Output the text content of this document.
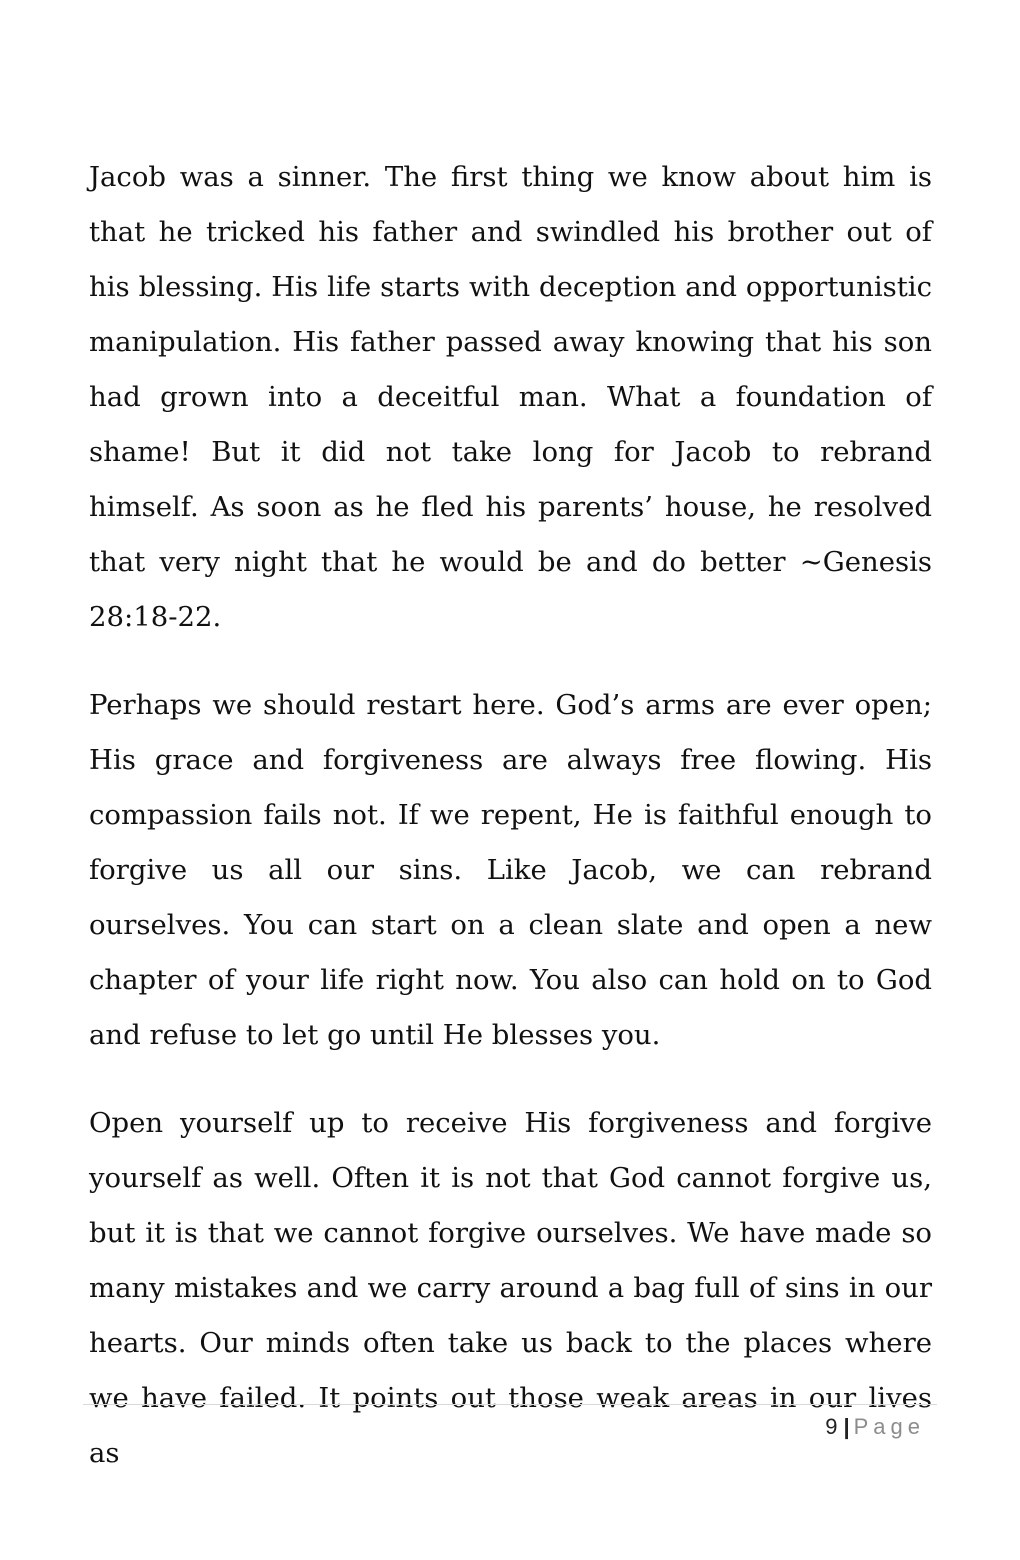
Jacob was a sinner. The first thing we know about him is that he tricked his father and swindled his brother out of his blessing. His life starts with deception and opportunistic manipulation. His father passed away knowing that his son had grown into a deceitful man. What a foundation of shame! But it did not take long for Jacob to rebrand himself. As soon as he fled his parents’ house, he resolved that very night that he would be and do better ~Genesis 28:18-22.

Perhaps we should restart here. God’s arms are ever open; His grace and forgiveness are always free flowing. His compassion fails not. If we repent, He is faithful enough to forgive us all our sins. Like Jacob, we can rebrand ourselves. You can start on a clean slate and open a new chapter of your life right now. You also can hold on to God and refuse to let go until He blesses you.

Open yourself up to receive His forgiveness and forgive yourself as well. Often it is not that God cannot forgive us, but it is that we cannot forgive ourselves. We have made so many mistakes and we carry around a bag full of sins in our hearts. Our minds often take us back to the places where we have failed. It points out those weak areas in our lives as

9 | Page
